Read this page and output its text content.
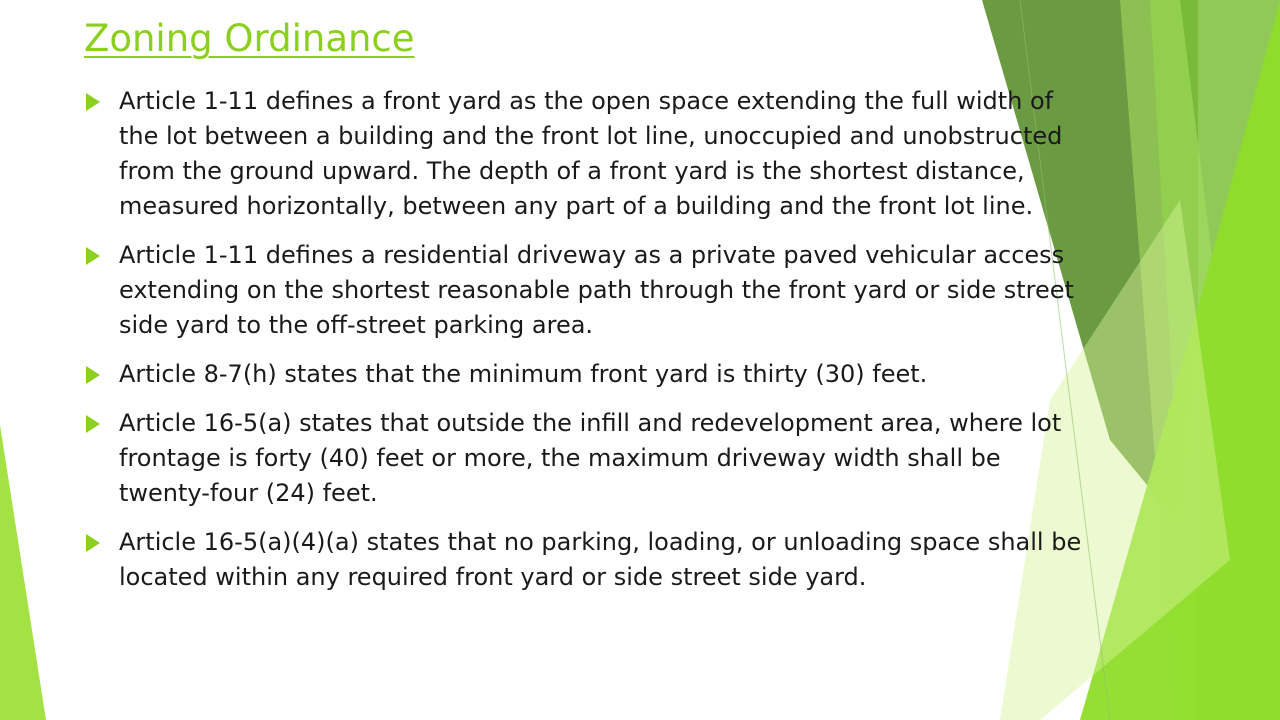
Zoning Ordinance
Article 1-11 defines a front yard as the open space extending the full width of
the lot between a building and the front lot line, unoccupied and unobstructed
from the ground upward. The depth of a front yard is the shortest distance,
measured horizontally, between any part of a building and the front lot line.
Article 1-11 defines a residential driveway as a private paved vehicular access
extending on the shortest reasonable path through the front yard or side street
side yard to the off-street parking area.
Article 8-7(h) states that the minimum front yard is thirty (30) feet.
Article 16-5(a) states that outside the infill and redevelopment area, where lot
frontage is forty (40) feet or more, the maximum driveway width shall be
twenty-four (24) feet.
Article 16-5(a)(4)(a) states that no parking, loading, or unloading space shall be
located within any required front yard or side street side yard.
